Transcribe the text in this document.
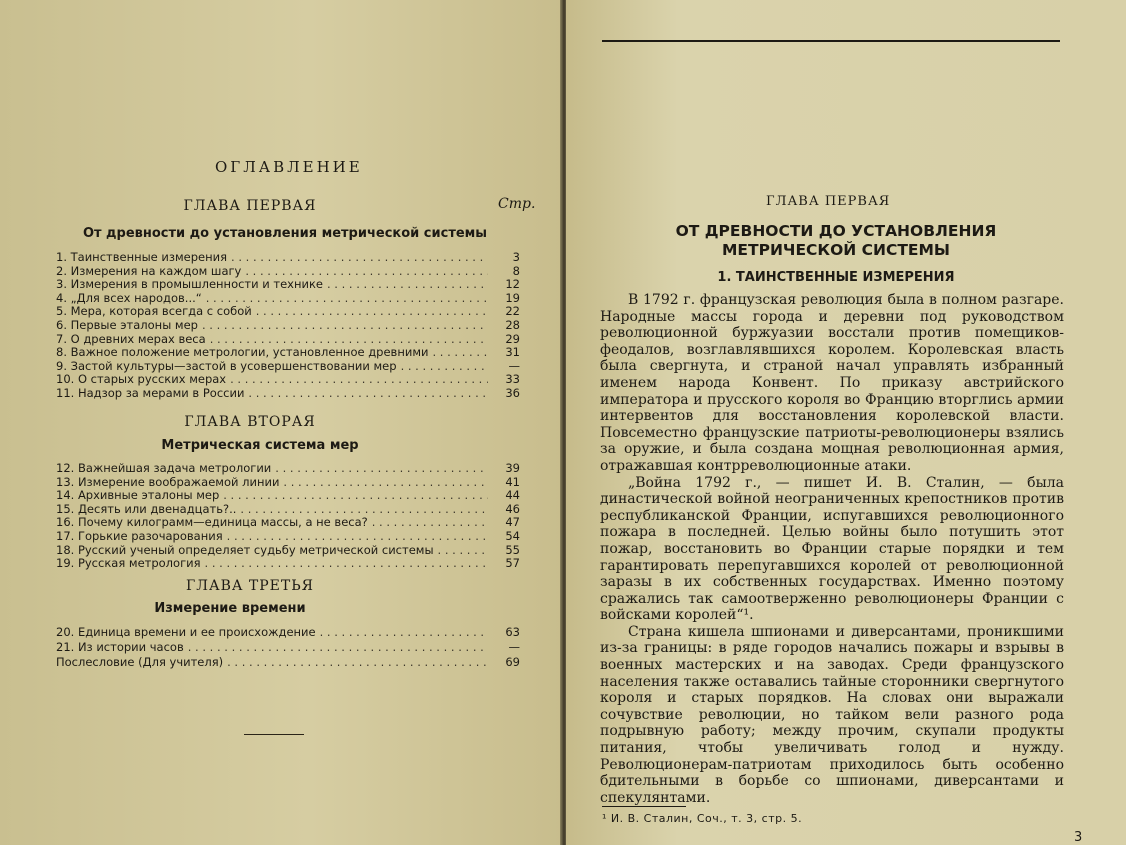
ОГЛАВЛЕНИЕ
ГЛАВА ПЕРВАЯ	Стр.
От древности до установления метрической системы
1. Таинственные измерения . . .	3
2. Измерения на каждом шагу . . .	8
3. Измерения в промышленности и технике . . .	12
4. „Для всех народов...“ . . .	19
5. Мера, которая всегда с собой . . .	22
6. Первые эталоны мер . . .	28
7. О древних мерах веса . . .	29
8. Важное положение метрологии, установленное древними . . .	31
9. Застой культуры—застой в усовершенствовании мер . . .	—
10. О старых русских мерах . . .	33
11. Надзор за мерами в России . . .	36
ГЛАВА ВТОРАЯ
Метрическая система мер
12. Важнейшая задача метрологии . . .	39
13. Измерение воображаемой линии . . .	41
14. Архивные эталоны мер . . .	44
15. Десять или двенадцать?.. . . .	46
16. Почему килограмм—единица массы, а не веса? . . .	47
17. Горькие разочарования . . .	54
18. Русский ученый определяет судьбу метрической системы . . .	55
19. Русская метрология . . .	57
ГЛАВА ТРЕТЬЯ
Измерение времени
20. Единица времени и ее происхождение . . .	63
21. Из истории часов . . .	—
Послесловие (Для учителя) . . .	69
ГЛАВА ПЕРВАЯ
ОТ ДРЕВНОСТИ ДО УСТАНОВЛЕНИЯ
МЕТРИЧЕСКОЙ СИСТЕМЫ
1. ТАИНСТВЕННЫЕ ИЗМЕРЕНИЯ

В 1792 г. французская революция была в полном разгаре. Народные массы города и деревни под руководством революционной буржуазии восстали против помещиков-феодалов, возглавлявшихся королем. Королевская власть была свергнута, и страной начал управлять избранный именем народа Конвент. По приказу австрийского императора и прусского короля во Францию вторглись армии интервентов для восстановления королевской власти. Повсеместно французские патриоты-революционеры взялись за оружие, и была создана мощная революционная армия, отражавшая контрреволюционные атаки.

„Война 1792 г., — пишет И. В. Сталин, — была династической войной неограниченных крепостников против республиканской Франции, испугавшихся революционного пожара в последней. Целью войны было потушить этот пожар, восстановить во Франции старые порядки и тем гарантировать перепугавшихся королей от революционной заразы в их собственных государствах. Именно поэтому сражались так самоотверженно революционеры Франции с войсками королей“¹.

Страна кишела шпионами и диверсантами, проникшими из-за границы: в ряде городов начались пожары и взрывы в военных мастерских и на заводах. Среди французского населения также оставались тайные сторонники свергнутого короля и старых порядков. На словах они выражали сочувствие революции, но тайком вели разного рода подрывную работу; между прочим, скупали продукты питания, чтобы увеличивать голод и нужду. Революционерам-патриотам приходилось быть особенно бдительными в борьбе со шпионами, диверсантами и спекулянтами.

¹ И. В. Сталин, Соч., т. 3, стр. 5.
3
